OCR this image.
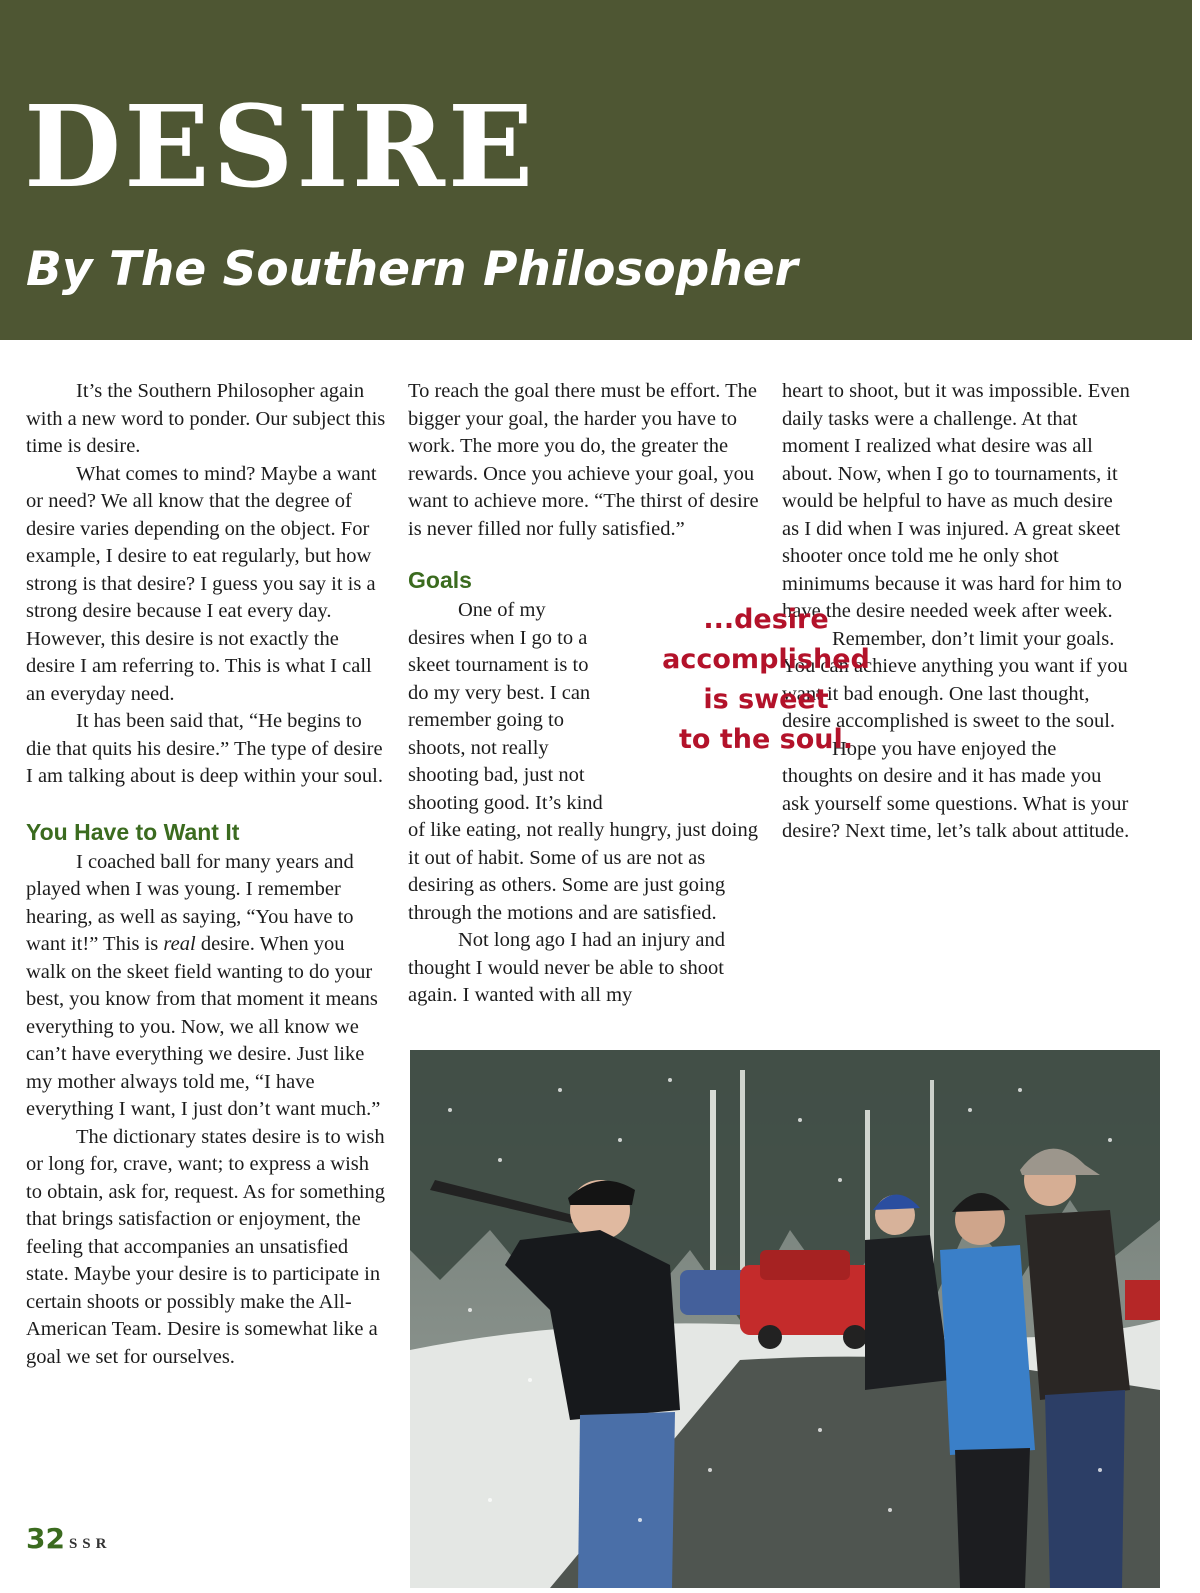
DESIRE
By The Southern Philosopher

It’s the Southern Philosopher again with a new word to ponder. Our subject this time is desire.

What comes to mind? Maybe a want or need? We all know that the degree of desire varies depending on the object. For example, I desire to eat regularly, but how strong is that desire? I guess you say it is a strong desire because I eat every day. However, this desire is not exactly the desire I am referring to. This is what I call an everyday need.

It has been said that, “He begins to die that quits his desire.” The type of desire I am talking about is deep within your soul.

You Have to Want It

I coached ball for many years and played when I was young. I remember hearing, as well as saying, “You have to want it!” This is real desire. When you walk on the skeet field wanting to do your best, you know from that moment it means everything to you. Now, we all know we can’t have everything we desire. Just like my mother always told me, “I have everything I want, I just don’t want much.”

The dictionary states desire is to wish or long for, crave, want; to express a wish to obtain, ask for, request. As for something that brings satisfaction or enjoyment, the feeling that accompanies an unsatisfied state. Maybe your desire is to participate in certain shoots or possibly make the All-American Team. Desire is somewhat like a goal we set for ourselves.

To reach the goal there must be effort. The bigger your goal, the harder you have to work. The more you do, the greater the rewards. Once you achieve your goal, you want to achieve more. “The thirst of desire is never filled nor fully satisfied.”

Goals

One of my desires when I go to a skeet tournament is to do my very best. I can remember going to shoots, not really shooting bad, just not shooting good. It’s kind of like eating, not really hungry, just doing it out of habit. Some of us are not as desiring as others. Some are just going through the motions and are satisfied.

Not long ago I had an injury and thought I would never be able to shoot again. I wanted with all my

heart to shoot, but it was impossible. Even daily tasks were a challenge. At that moment I realized what desire was all about. Now, when I go to tournaments, it would be helpful to have as much desire as I did when I was injured. A great skeet shooter once told me he only shot minimums because it was hard for him to have the desire needed week after week.

Remember, don’t limit your goals. You can achieve anything you want if you want it bad enough. One last thought, desire accomplished is sweet to the soul.

Hope you have enjoyed the thoughts on desire and it has made you ask yourself some questions. What is your desire? Next time, let’s talk about attitude.

...desire
accomplished
is sweet
to the soul.
32 SSR
